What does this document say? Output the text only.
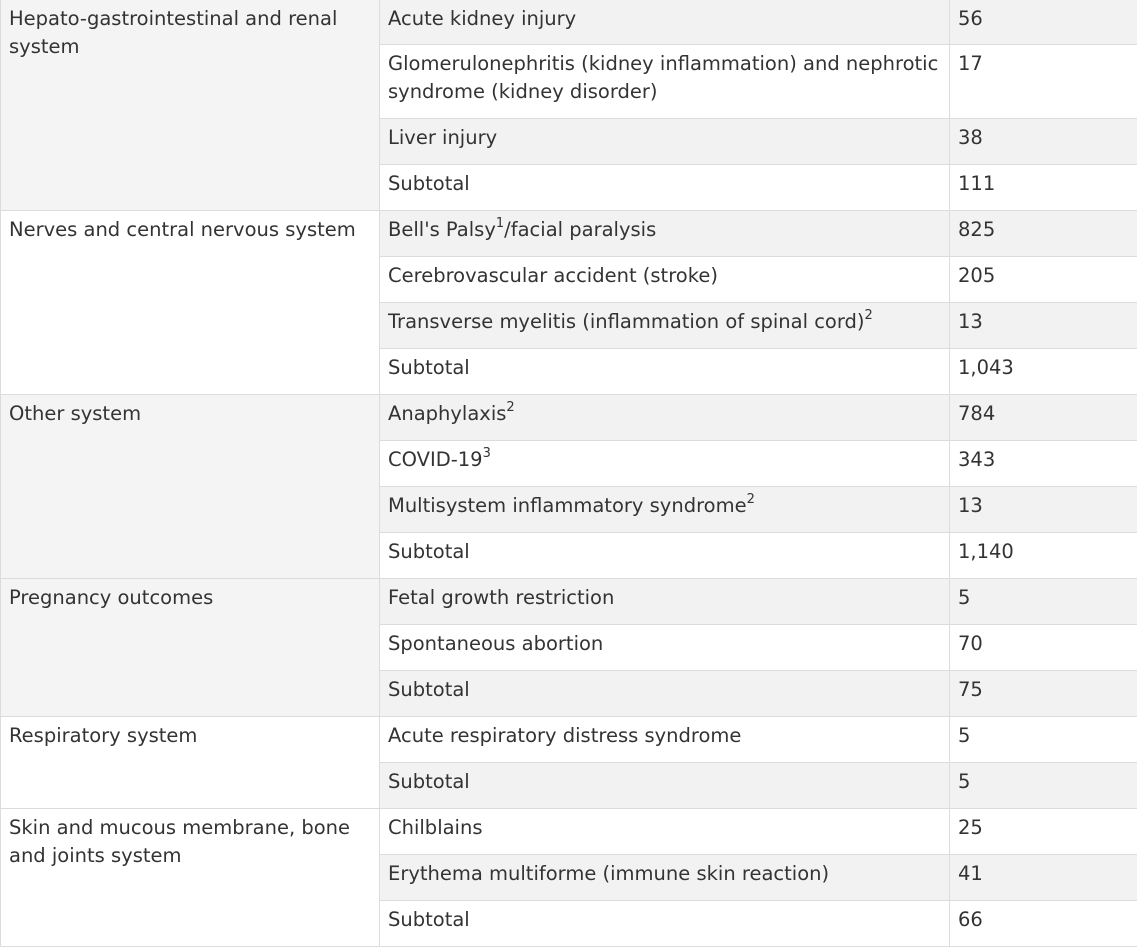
Hepato-gastrointestinal and renal system	Acute kidney injury	56
	Glomerulonephritis (kidney inflammation) and nephrotic syndrome (kidney disorder)	17
	Liver injury	38
	Subtotal	111
Nerves and central nervous system	Bell's Palsy$^1$/facial paralysis	825
	Cerebrovascular accident (stroke)	205
	Transverse myelitis (inflammation of spinal cord)$^2$	13
	Subtotal	1,043
Other system	Anaphylaxis$^2$	784
	COVID-$19^3$	343
	Multisystem inflammatory syndrome$^2$	13
	Subtotal	1,140
Pregnancy outcomes	Fetal growth restriction	5
	Spontaneous abortion	70
	Subtotal	75
Respiratory system	Acute respiratory distress syndrome	5
	Subtotal	5
Skin and mucous membrane, bone and joints system	Chilblains	25
	Erythema multiforme (immune skin reaction)	41
	Subtotal	66
